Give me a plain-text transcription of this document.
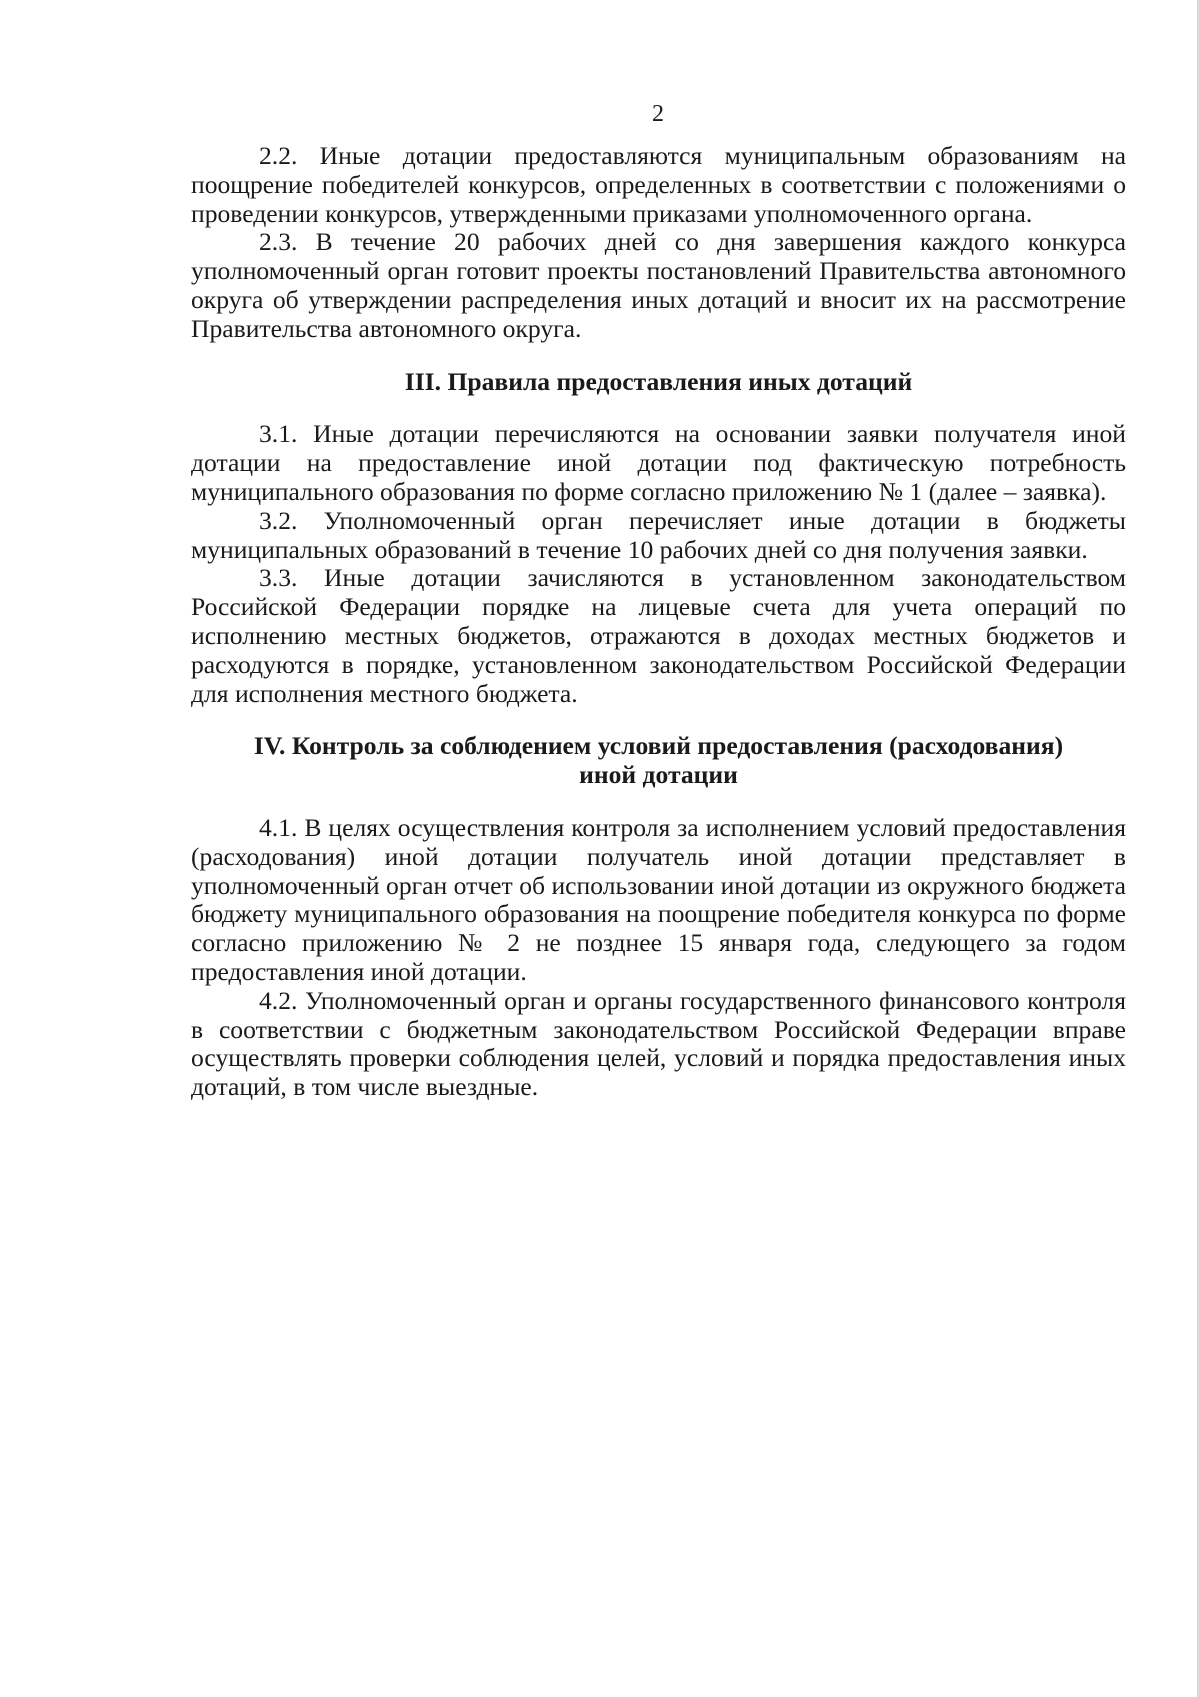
2

2.2. Иные дотации предоставляются муниципальным образованиям на поощрение победителей конкурсов, определенных в соответствии с положениями о проведении конкурсов, утвержденными приказами уполномоченного органа.

2.3. В течение 20 рабочих дней со дня завершения каждого конкурса уполномоченный орган готовит проекты постановлений Правительства автономного округа об утверждении распределения иных дотаций и вносит их на рассмотрение Правительства автономного округа.

III. Правила предоставления иных дотаций

3.1. Иные дотации перечисляются на основании заявки получателя иной дотации на предоставление иной дотации под фактическую потребность муниципального образования по форме согласно приложению № 1 (далее – заявка).

3.2. Уполномоченный орган перечисляет иные дотации в бюджеты муниципальных образований в течение 10 рабочих дней со дня получения заявки.

3.3. Иные дотации зачисляются в установленном законодательством Российской Федерации порядке на лицевые счета для учета операций по исполнению местных бюджетов, отражаются в доходах местных бюджетов и расходуются в порядке, установленном законодательством Российской Федерации для исполнения местного бюджета.

IV. Контроль за соблюдением условий предоставления (расходования)
иной дотации

4.1. В целях осуществления контроля за исполнением условий предоставления (расходования) иной дотации получатель иной дотации представляет в уполномоченный орган отчет об использовании иной дотации из окружного бюджета бюджету муниципального образования на поощрение победителя конкурса по форме согласно приложению № 2 не позднее 15 января года, следующего за годом предоставления иной дотации.

4.2. Уполномоченный орган и органы государственного финансового контроля в соответствии с бюджетным законодательством Российской Федерации вправе осуществлять проверки соблюдения целей, условий и порядка предоставления иных дотаций, в том числе выездные.
